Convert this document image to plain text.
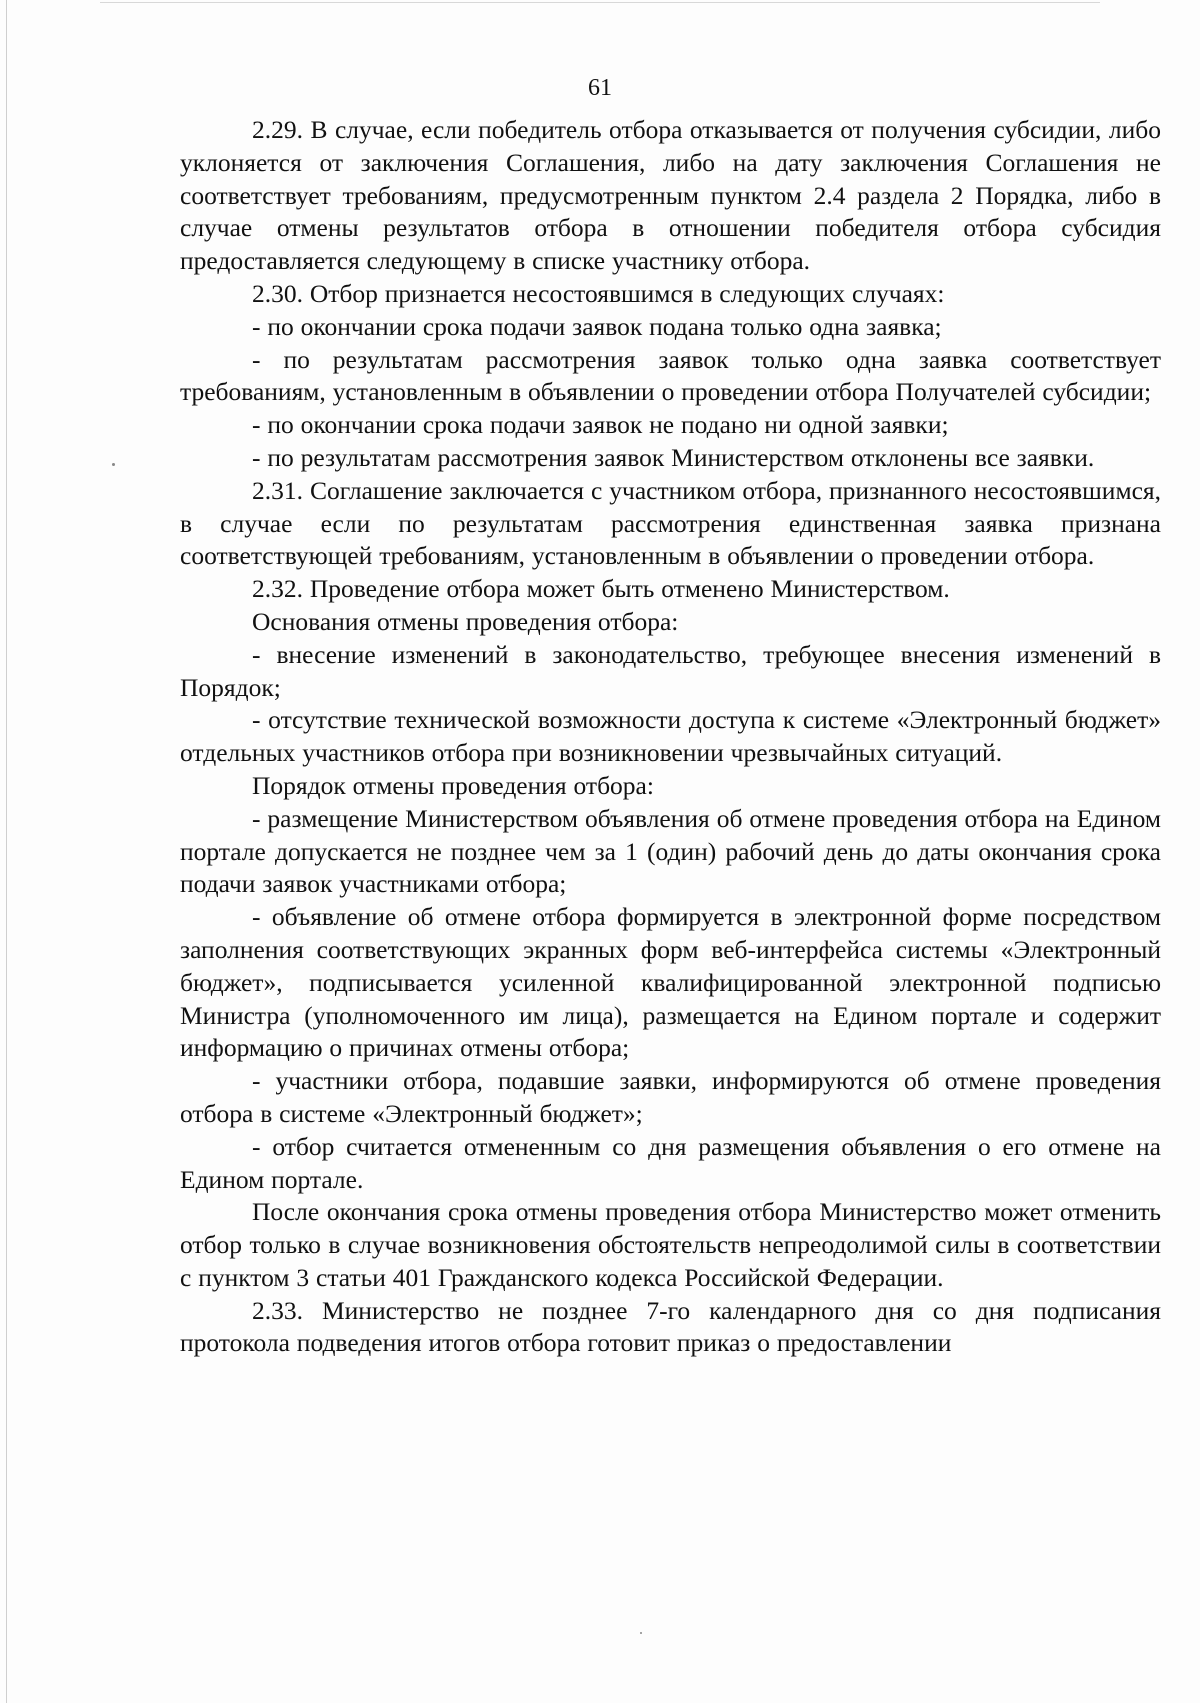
61

2.29. В случае, если победитель отбора отказывается от получения субсидии, либо уклоняется от заключения Соглашения, либо на дату заключения Соглашения не соответствует требованиям, предусмотренным пунктом 2.4 раздела 2 Порядка, либо в случае отмены результатов отбора в отношении победителя отбора субсидия предоставляется следующему в списке участнику отбора.

2.30. Отбор признается несостоявшимся в следующих случаях:

- по окончании срока подачи заявок подана только одна заявка;

- по результатам рассмотрения заявок только одна заявка соответствует требованиям, установленным в объявлении о проведении отбора Получателей субсидии;

- по окончании срока подачи заявок не подано ни одной заявки;

- по результатам рассмотрения заявок Министерством отклонены все заявки.

2.31. Соглашение заключается с участником отбора, признанного несостоявшимся, в случае если по результатам рассмотрения единственная заявка признана соответствующей требованиям, установленным в объявлении о проведении отбора.

2.32. Проведение отбора может быть отменено Министерством.

Основания отмены проведения отбора:

- внесение изменений в законодательство, требующее внесения изменений в Порядок;

- отсутствие технической возможности доступа к системе «Электронный бюджет» отдельных участников отбора при возникновении чрезвычайных ситуаций.

Порядок отмены проведения отбора:

- размещение Министерством объявления об отмене проведения отбора на Едином портале допускается не позднее чем за 1 (один) рабочий день до даты окончания срока подачи заявок участниками отбора;

- объявление об отмене отбора формируется в электронной форме посредством заполнения соответствующих экранных форм веб-интерфейса системы «Электронный бюджет», подписывается усиленной квалифицированной электронной подписью Министра (уполномоченного им лица), размещается на Едином портале и содержит информацию о причинах отмены отбора;

- участники отбора, подавшие заявки, информируются об отмене проведения отбора в системе «Электронный бюджет»;

- отбор считается отмененным со дня размещения объявления о его отмене на Едином портале.

После окончания срока отмены проведения отбора Министерство может отменить отбор только в случае возникновения обстоятельств непреодолимой силы в соответствии с пунктом 3 статьи 401 Гражданского кодекса Российской Федерации.

2.33. Министерство не позднее 7-го календарного дня со дня подписания протокола подведения итогов отбора готовит приказ о предоставлении
